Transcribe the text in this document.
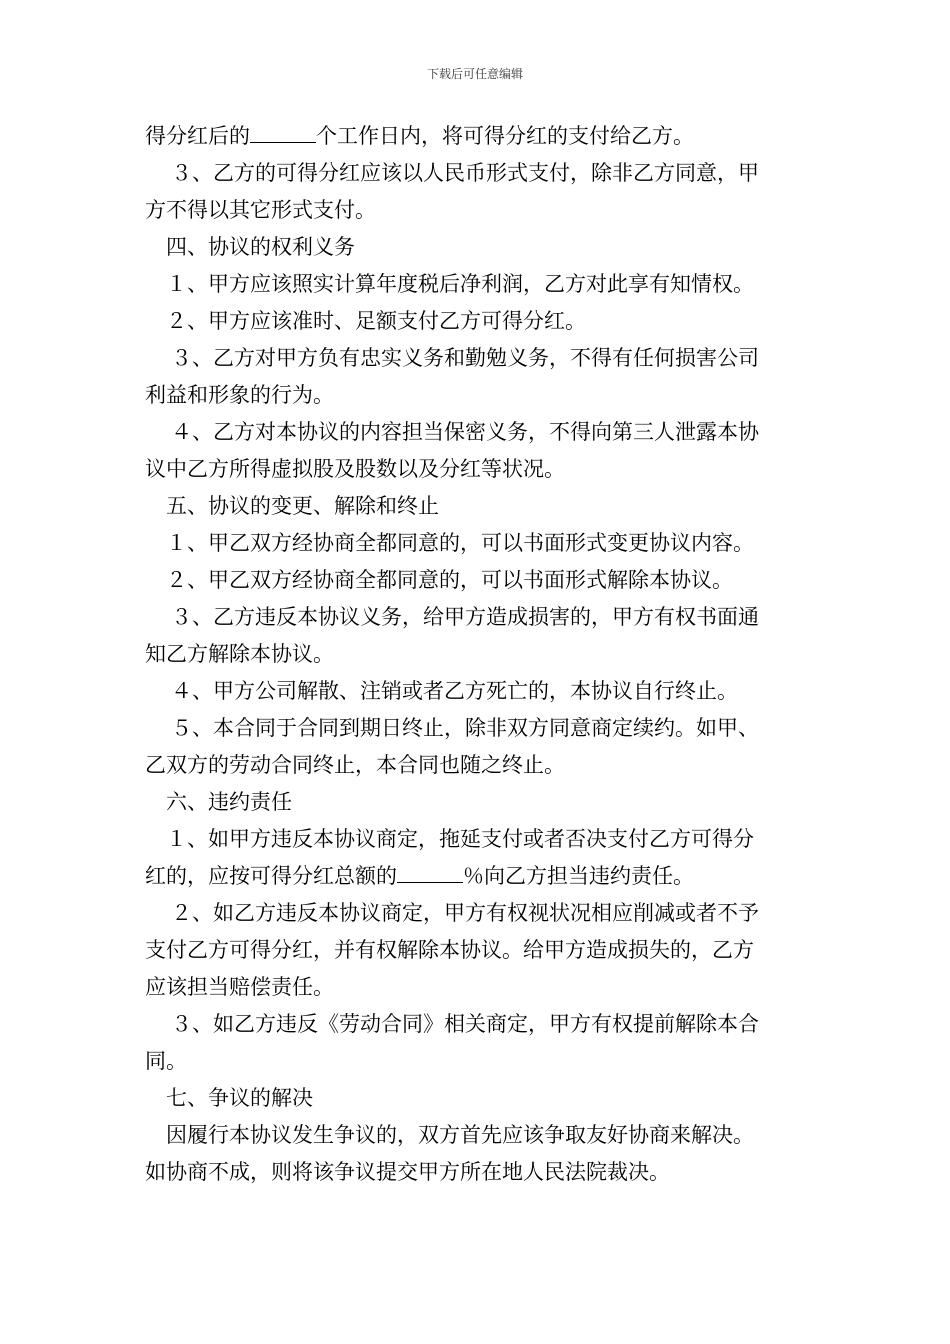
下载后可任意编辑
得分红后的	个工作日内，将可得分红的支付给乙方。
３、乙方的可得分红应该以人民币形式支付，除非乙方同意，甲
方不得以其它形式支付。
四、协议的权利义务
１、甲方应该照实计算年度税后净利润，乙方对此享有知情权。
２、甲方应该准时、足额支付乙方可得分红。
３、乙方对甲方负有忠实义务和勤勉义务，不得有任何损害公司
利益和形象的行为。
４、乙方对本协议的内容担当保密义务，不得向第三人泄露本协
议中乙方所得虚拟股及股数以及分红等状况。
五、协议的变更、解除和终止
１、甲乙双方经协商全都同意的，可以书面形式变更协议内容。
２、甲乙双方经协商全都同意的，可以书面形式解除本协议。
３、乙方违反本协议义务，给甲方造成损害的，甲方有权书面通
知乙方解除本协议。
４、甲方公司解散、注销或者乙方死亡的，本协议自行终止。
５、本合同于合同到期日终止，除非双方同意商定续约。如甲、
乙双方的劳动合同终止，本合同也随之终止。
六、违约责任
１、如甲方违反本协议商定，拖延支付或者否决支付乙方可得分
红的，应按可得分红总额的	％向乙方担当违约责任。
２、如乙方违反本协议商定，甲方有权视状况相应削减或者不予
支付乙方可得分红，并有权解除本协议。给甲方造成损失的，乙方
应该担当赔偿责任。
３、如乙方违反《劳动合同》相关商定，甲方有权提前解除本合
同。
七、争议的解决
因履行本协议发生争议的，双方首先应该争取友好协商来解决。
如协商不成，则将该争议提交甲方所在地人民法院裁决。
